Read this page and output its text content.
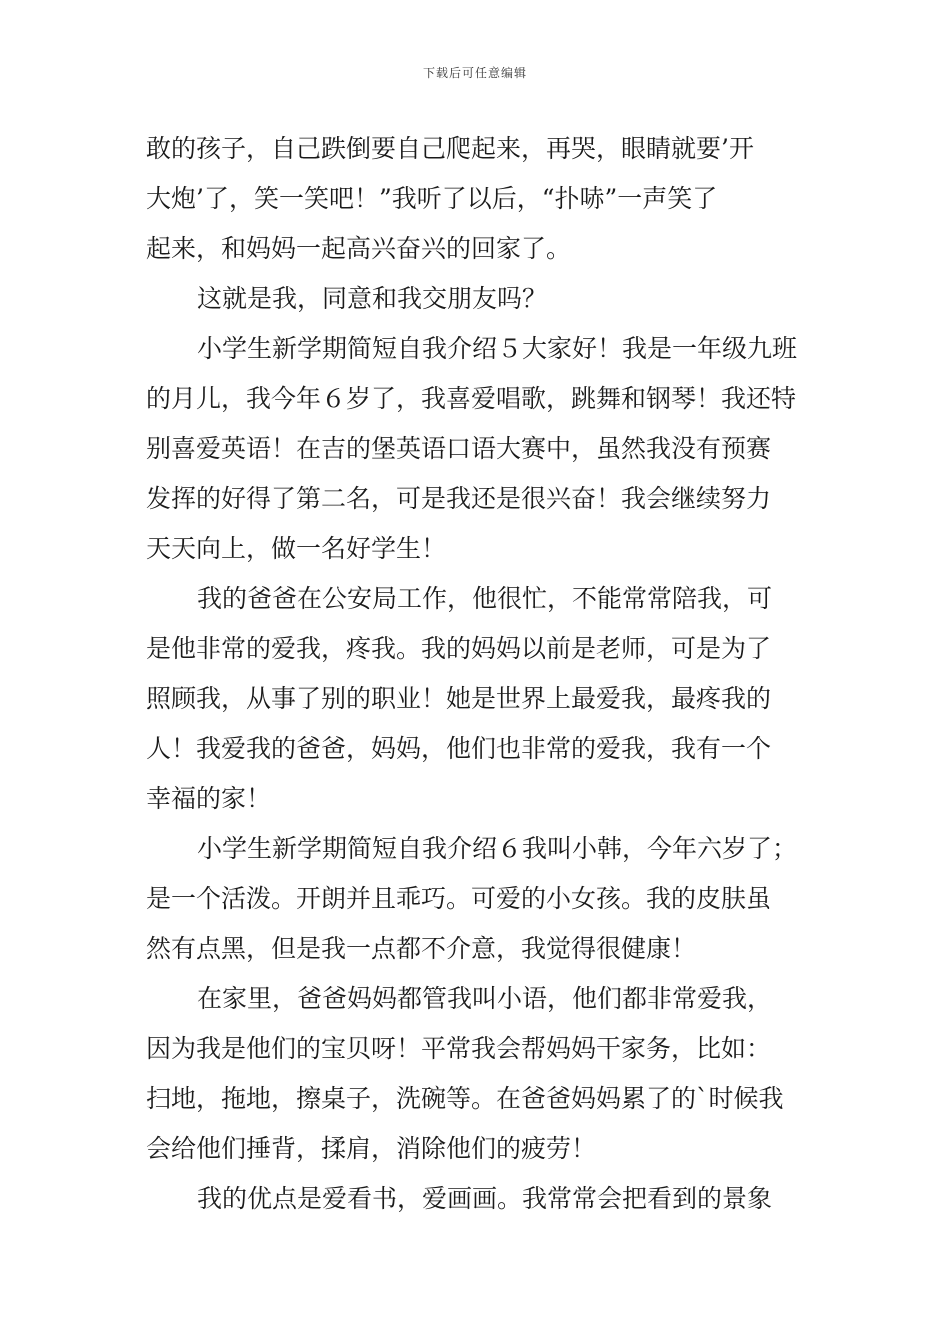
下载后可任意编辑
敢的孩子，自己跌倒要自己爬起来，再哭，眼睛就要’开
大炮’了，笑一笑吧！”我听了以后，“扑哧”一声笑了
起来，和妈妈一起高兴奋兴的回家了。
这就是我，同意和我交朋友吗？
小学生新学期简短自我介绍５大家好！我是一年级九班
的月儿，我今年６岁了，我喜爱唱歌，跳舞和钢琴！我还特
别喜爱英语！在吉的堡英语口语大赛中，虽然我没有预赛
发挥的好得了第二名，可是我还是很兴奋！我会继续努力
天天向上，做一名好学生！
我的爸爸在公安局工作，他很忙，不能常常陪我，可
是他非常的爱我，疼我。我的妈妈以前是老师，可是为了
照顾我，从事了别的职业！她是世界上最爱我，最疼我的
人！我爱我的爸爸，妈妈，他们也非常的爱我，我有一个
幸福的家！
小学生新学期简短自我介绍６我叫小韩，今年六岁了；
是一个活泼。开朗并且乖巧。可爱的小女孩。我的皮肤虽
然有点黑，但是我一点都不介意，我觉得很健康！
在家里，爸爸妈妈都管我叫小语，他们都非常爱我，
因为我是他们的宝贝呀！平常我会帮妈妈干家务，比如：
扫地，拖地，擦桌子，洗碗等。在爸爸妈妈累了的`时候我
会给他们捶背，揉肩，消除他们的疲劳！
我的优点是爱看书，爱画画。我常常会把看到的景象
